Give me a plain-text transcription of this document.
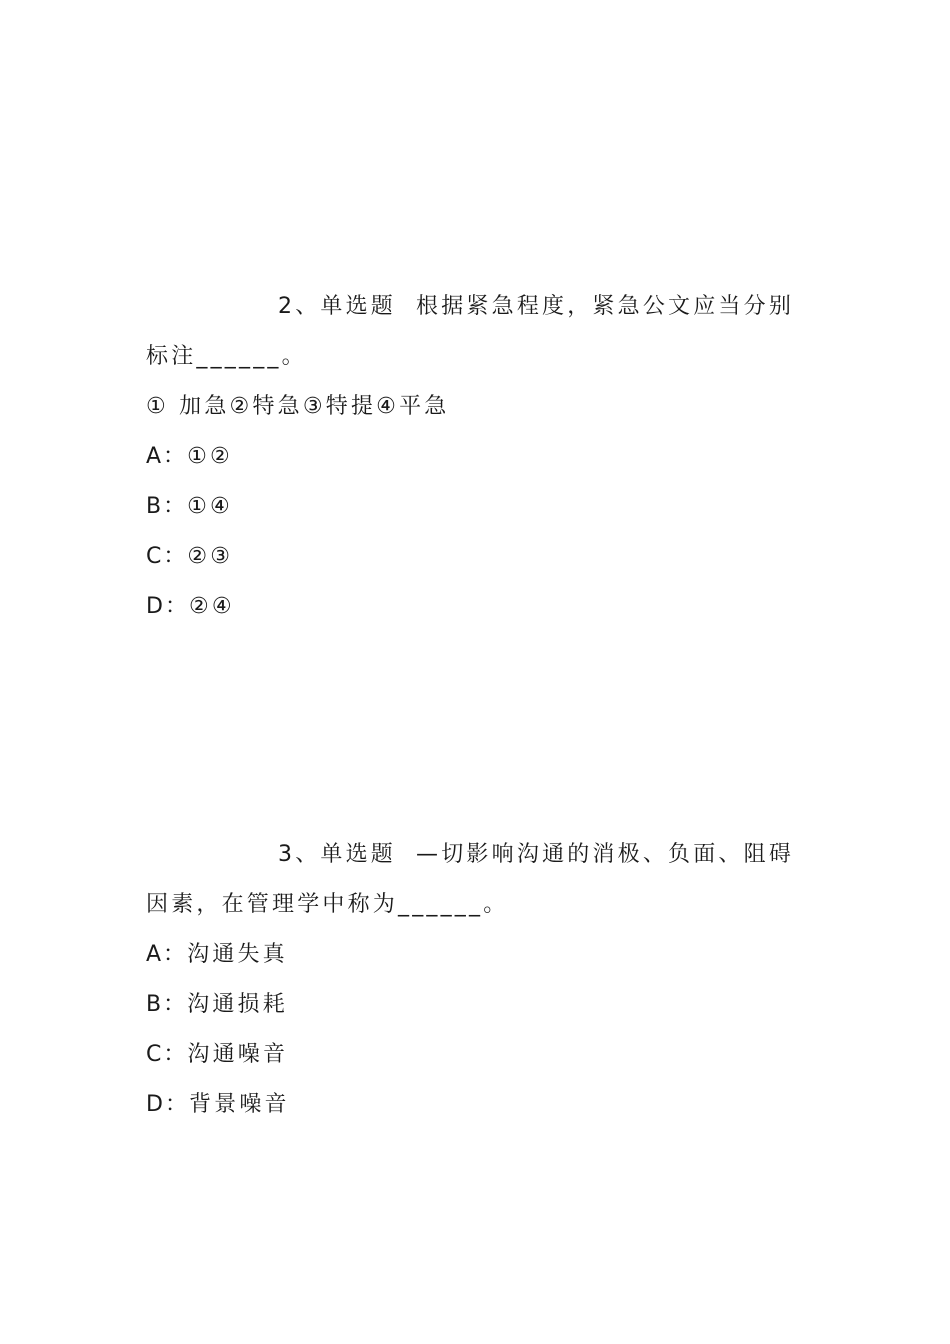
2、单选题 根据紧急程度，紧急公文应当分别
标注______。
① 加急②特急③特提④平急
A：①②
B：①④
C：②③
D：②④
3、单选题 —切影响沟通的消极、负面、阻碍
因素，在管理学中称为______。
A：沟通失真
B：沟通损耗
C：沟通噪音
D：背景噪音
